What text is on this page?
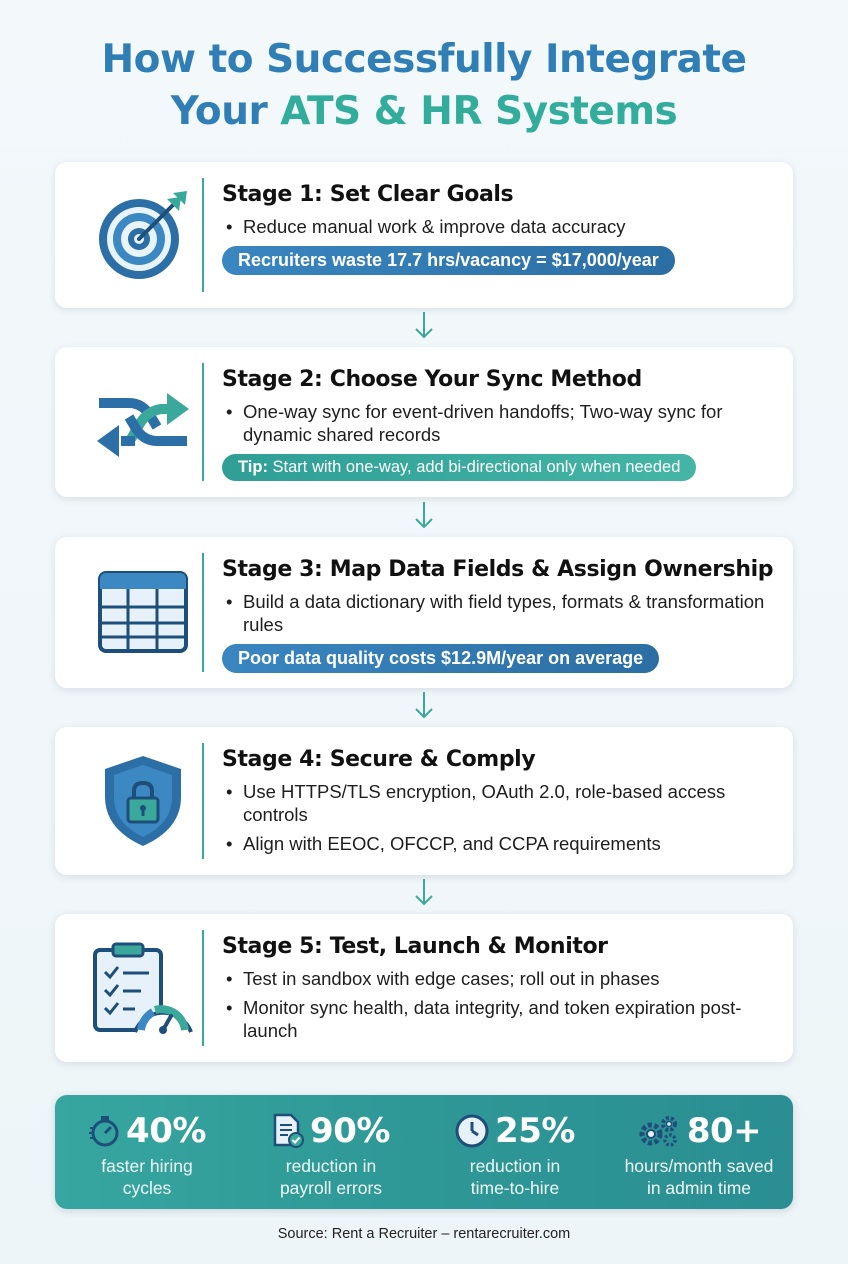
How to Successfully Integrate
Your ATS & HR Systems
Stage 1: Set Clear Goals
• Reduce manual work & improve data accuracy
Recruiters waste 17.7 hrs/vacancy = $17,000/year
Stage 2: Choose Your Sync Method
• One-way sync for event-driven handoffs; Two-way sync for dynamic shared records
Tip: Start with one-way, add bi-directional only when needed
Stage 3: Map Data Fields & Assign Ownership
• Build a data dictionary with field types, formats & transformation rules
Poor data quality costs $12.9M/year on average
Stage 4: Secure & Comply
• Use HTTPS/TLS encryption, OAuth 2.0, role-based access controls
• Align with EEOC, OFCCP, and CCPA requirements
Stage 5: Test, Launch & Monitor
• Test in sandbox with edge cases; roll out in phases
• Monitor sync health, data integrity, and token expiration post-launch
40%
faster hiring
cycles
90%
reduction in
payroll errors
25%
reduction in
time-to-hire
80+
hours/month saved
in admin time
Source: Rent a Recruiter – rentarecruiter.com
